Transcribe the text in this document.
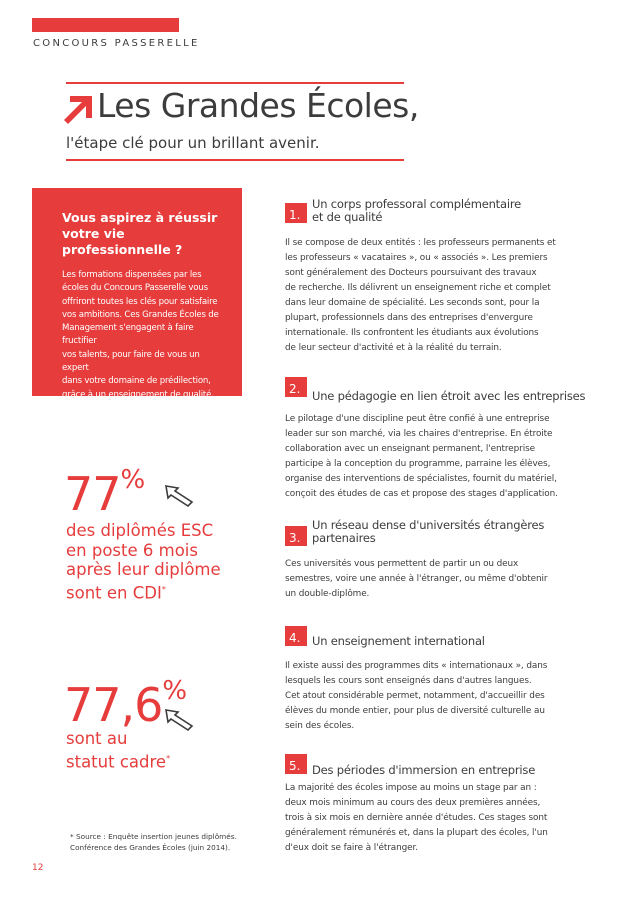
CONCOURS PASSERELLE
Les Grandes Écoles,
l'étape clé pour un brillant avenir.
Vous aspirez à réussir
votre vie professionnelle ?
Les formations dispensées par les
écoles du Concours Passerelle vous
offriront toutes les clés pour satisfaire
vos ambitions. Ces Grandes Écoles de
Management s'engagent à faire fructifier
vos talents, pour faire de vous un expert
dans votre domaine de prédilection,
grâce à un enseignement de qualité,
résolument tourné vers le monde
professionnel et l'international.
77%
des diplômés ESC
en poste 6 mois
après leur diplôme
sont en CDI*
77,6%
sont au
statut cadre*
* Source : Enquête insertion jeunes diplômés.
Conférence des Grandes Écoles (juin 2014).
12
1.
Un corps professoral complémentaire
et de qualité
Il se compose de deux entités : les professeurs permanents et
les professeurs « vacataires », ou « associés ». Les premiers
sont généralement des Docteurs poursuivant des travaux
de recherche. Ils délivrent un enseignement riche et complet
dans leur domaine de spécialité. Les seconds sont, pour la
plupart, professionnels dans des entreprises d'envergure
internationale. Ils confrontent les étudiants aux évolutions
de leur secteur d'activité et à la réalité du terrain.
2.	Une pédagogie en lien étroit avec les entreprises
Le pilotage d'une discipline peut être confié à une entreprise
leader sur son marché, via les chaires d'entreprise. En étroite
collaboration avec un enseignant permanent, l'entreprise
participe à la conception du programme, parraine les élèves,
organise des interventions de spécialistes, fournit du matériel,
conçoit des études de cas et propose des stages d'application.
3.
Un réseau dense d'universités étrangères
partenaires
Ces universités vous permettent de partir un ou deux
semestres, voire une année à l'étranger, ou même d'obtenir
un double-diplôme.
4.	Un enseignement international
Il existe aussi des programmes dits « internationaux », dans
lesquels les cours sont enseignés dans d'autres langues.
Cet atout considérable permet, notamment, d'accueillir des
élèves du monde entier, pour plus de diversité culturelle au
sein des écoles.
5.	Des périodes d'immersion en entreprise
La majorité des écoles impose au moins un stage par an :
deux mois minimum au cours des deux premières années,
trois à six mois en dernière année d'études. Ces stages sont
généralement rémunérés et, dans la plupart des écoles, l'un
d'eux doit se faire à l'étranger.
